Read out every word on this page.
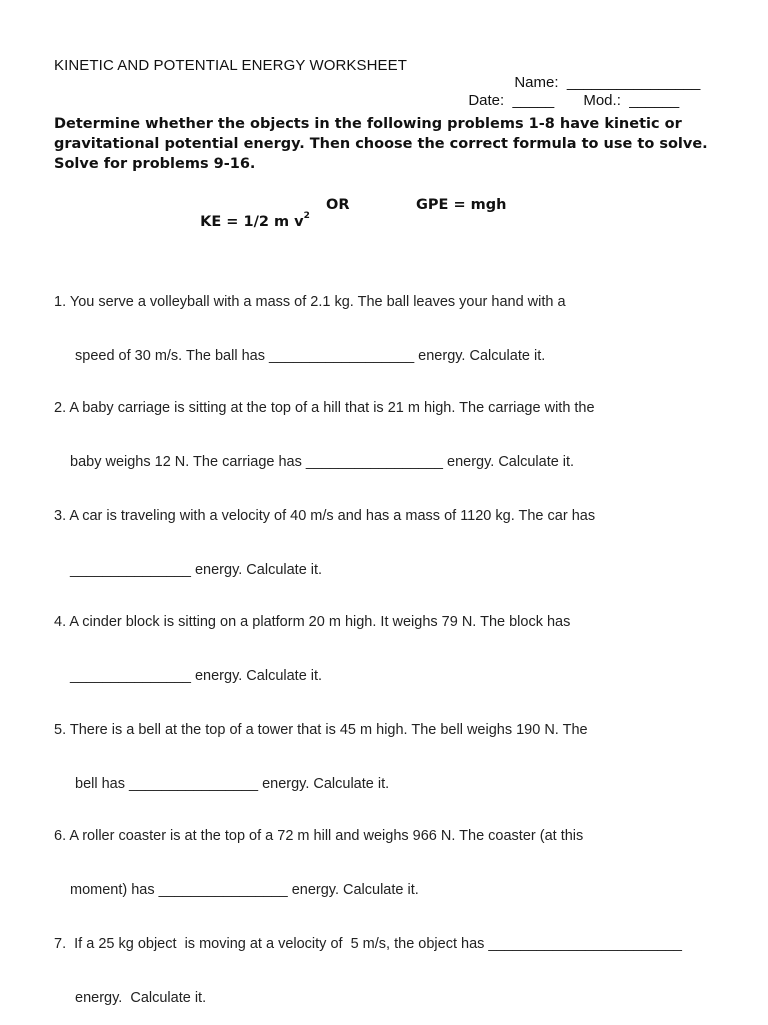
KINETIC AND POTENTIAL ENERGY WORKSHEET

Name: ________________

Date: _____	Mod.: ______

Determine whether the objects in the following problems 1-8 have kinetic or gravitational potential energy. Then choose the correct formula to use to solve. Solve for problems 9-16.

KE = 1/2 m $v^2$

OR	GPE = mgh

1. You serve a volleyball with a mass of 2.1 kg. The ball leaves your hand with a

speed of 30 m/s. The ball has __________________ energy. Calculate it.

2. A baby carriage is sitting at the top of a hill that is 21 m high. The carriage with the

baby weighs 12 N. The carriage has _________________ energy. Calculate it.

3. A car is traveling with a velocity of 40 m/s and has a mass of 1120 kg. The car has

_______________ energy. Calculate it.

4. A cinder block is sitting on a platform 20 m high. It weighs 79 N. The block has

_______________ energy. Calculate it.

5. There is a bell at the top of a tower that is 45 m high. The bell weighs 190 N. The

bell has ________________ energy. Calculate it.

6. A roller coaster is at the top of a 72 m hill and weighs 966 N. The coaster (at this

moment) has ________________ energy. Calculate it.

7.  If a 25 kg object  is moving at a velocity of  5 m/s, the object has ________________________

energy.  Calculate it.
